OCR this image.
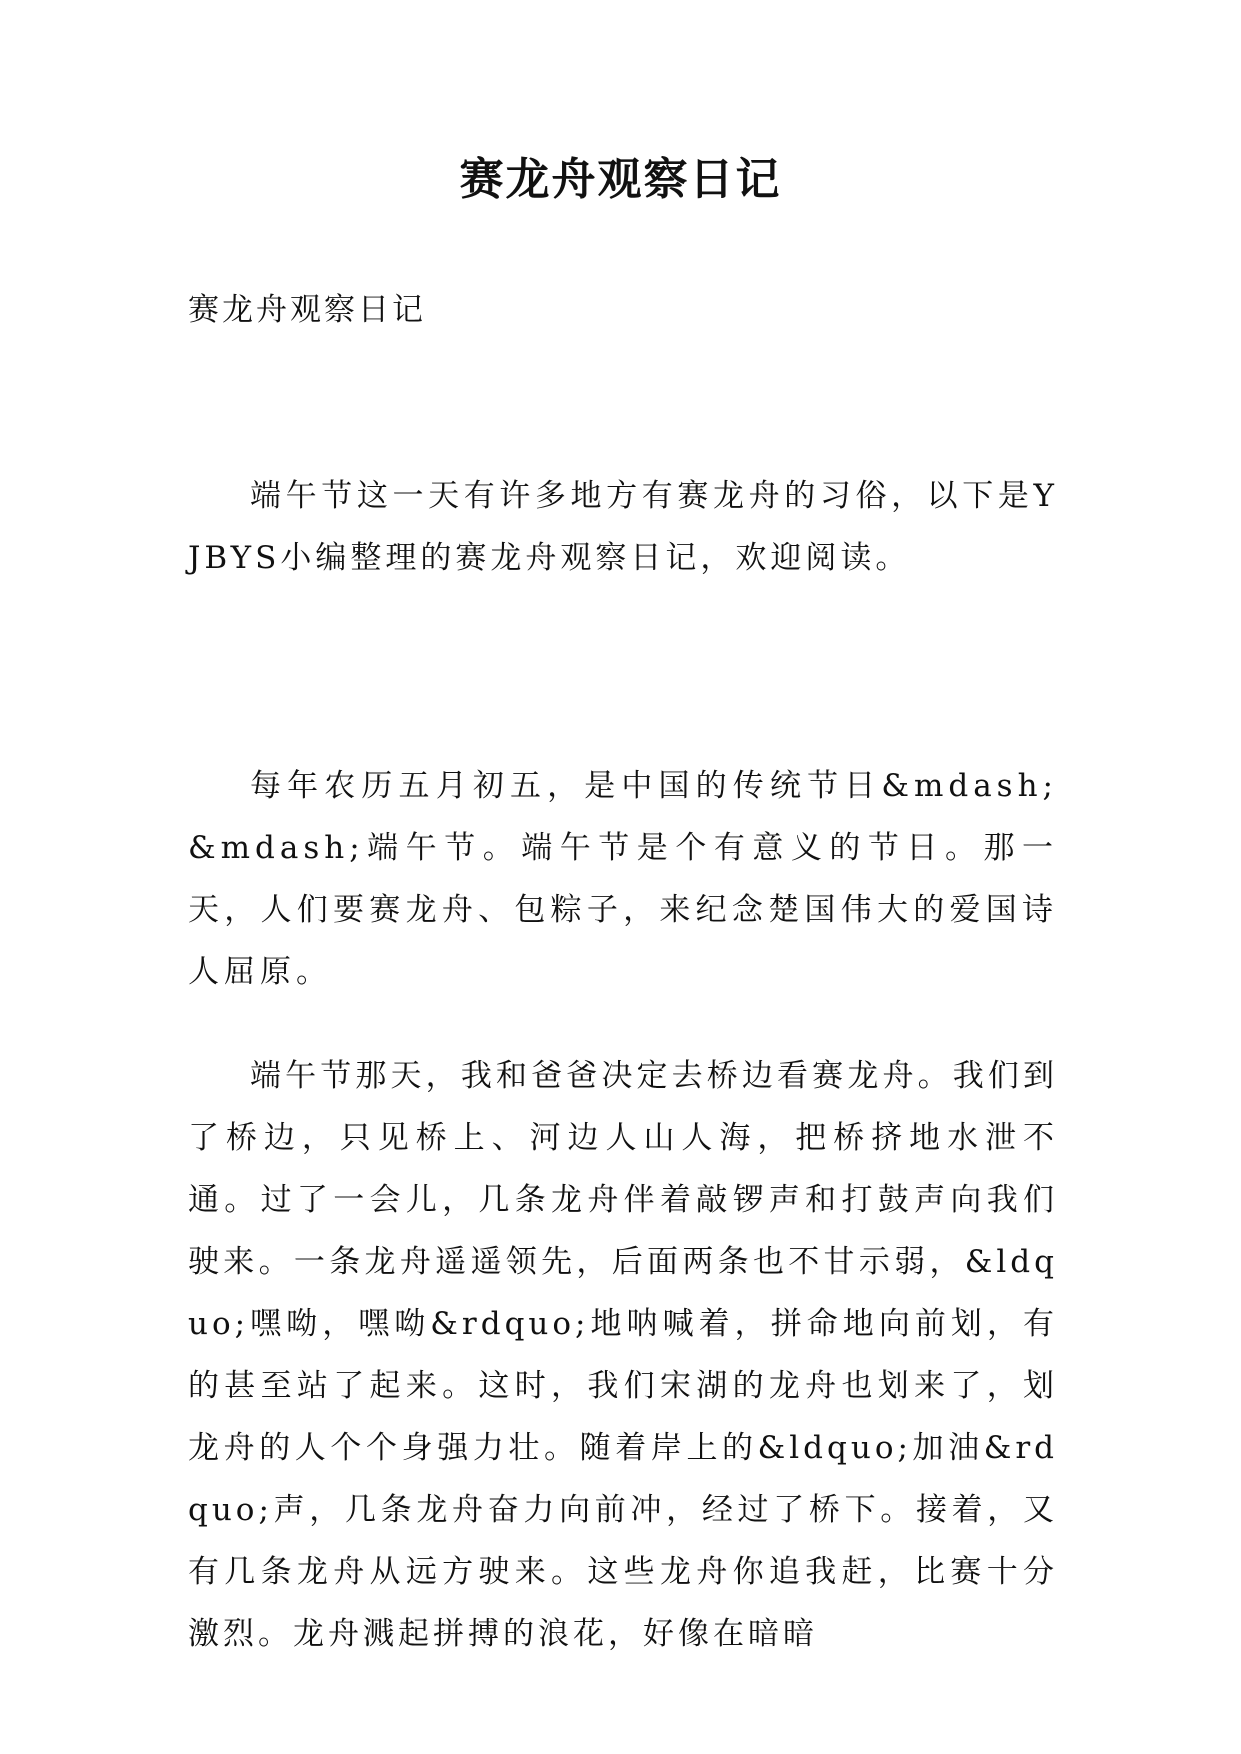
赛龙舟观察日记
赛龙舟观察日记

端午节这一天有许多地方有赛龙舟的习俗，以下是YJBYS小编整理的赛龙舟观察日记，欢迎阅读。

每年农历五月初五，是中国的传统节日&mdash;&mdash;端午节。端午节是个有意义的节日。那一天，人们要赛龙舟、包粽子，来纪念楚国伟大的爱国诗人屈原。

端午节那天，我和爸爸决定去桥边看赛龙舟。我们到了桥边，只见桥上、河边人山人海，把桥挤地水泄不通。过了一会儿，几条龙舟伴着敲锣声和打鼓声向我们驶来。一条龙舟遥遥领先，后面两条也不甘示弱，&ldquo;嘿呦，嘿呦&rdquo;地呐喊着，拼命地向前划，有的甚至站了起来。这时，我们宋湖的龙舟也划来了，划龙舟的人个个身强力壮。随着岸上的&ldquo;加油&rdquo;声，几条龙舟奋力向前冲，经过了桥下。接着，又有几条龙舟从远方驶来。这些龙舟你追我赶，比赛十分激烈。龙舟溅起拼搏的浪花，好像在暗暗
